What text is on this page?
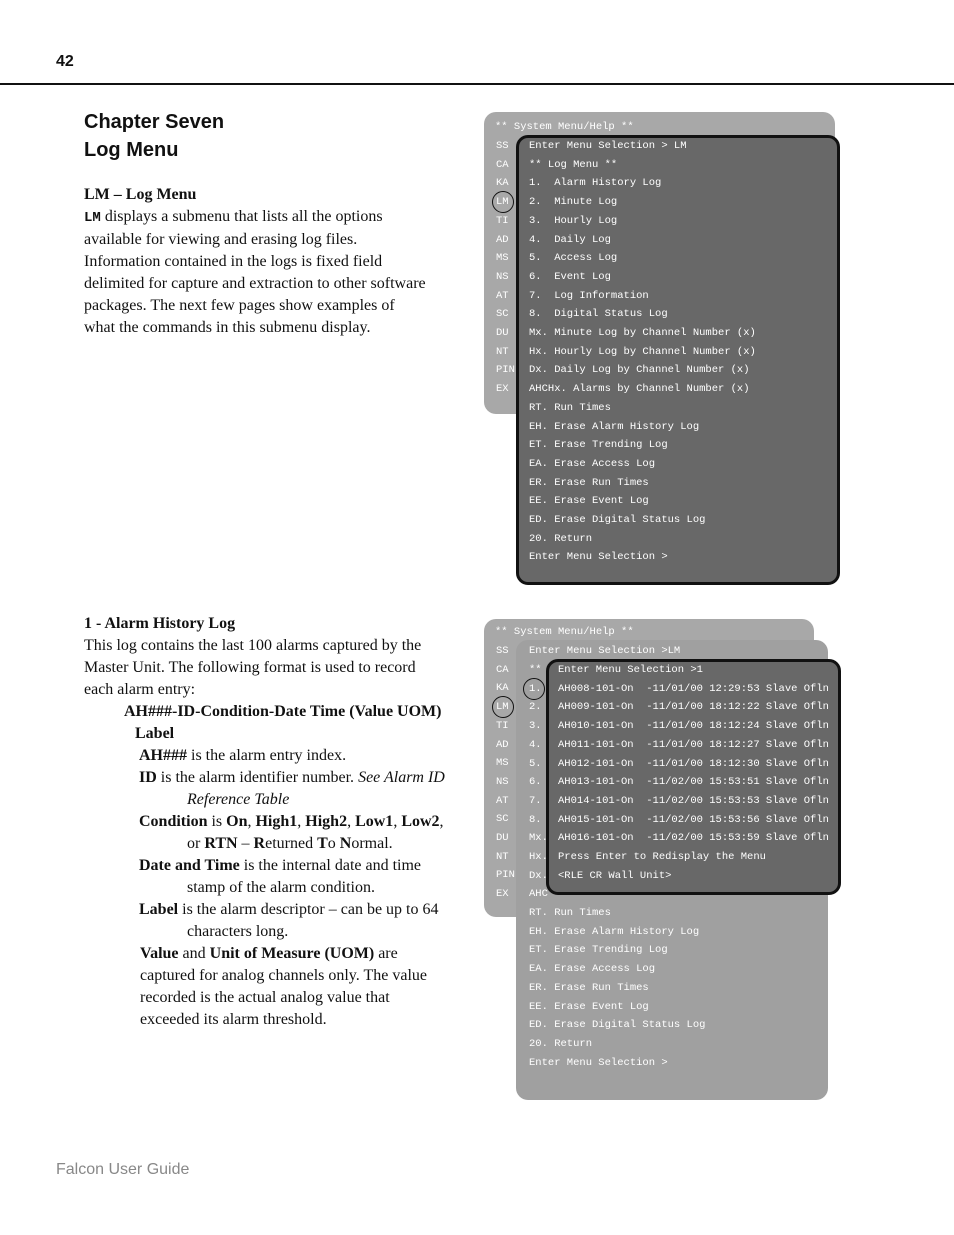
42
Chapter Seven
Log Menu
LM – Log Menu
LM displays a submenu that lists all the options available for viewing and erasing log files. Information contained in the logs is fixed field delimited for capture and extraction to other software packages. The next few pages show examples of what the commands in this submenu display.
1 - Alarm History Log
This log contains the last 100 alarms captured by the Master Unit. The following format is used to record each alarm entry:
AH###-ID-Condition-Date Time (Value UOM) Label
AH### is the alarm entry index.
ID is the alarm identifier number. See Alarm ID Reference Table
Condition is On, High1, High2, Low1, Low2, or RTN – Returned To Normal.
Date and Time is the internal date and time stamp of the alarm condition.
Label is the alarm descriptor – can be up to 64 characters long.
Value and Unit of Measure (UOM) are captured for analog channels only. The value recorded is the actual analog value that exceeded its alarm threshold.

** System Menu/Help **

SS
CA
KA
LM
TI
AD
MS
NS
AT
SC
DU
NT
PIN
EX
Enter Menu Selection > LM
** Log Menu **
1.  Alarm History Log
2.  Minute Log
3.  Hourly Log
4.  Daily Log
5.  Access Log
6.  Event Log
7.  Log Information
8.  Digital Status Log
Mx. Minute Log by Channel Number (x)
Hx. Hourly Log by Channel Number (x)
Dx. Daily Log by Channel Number (x)
AHCHx. Alarms by Channel Number (x)
RT. Run Times
EH. Erase Alarm History Log
ET. Erase Trending Log
EA. Erase Access Log
ER. Erase Run Times
EE. Erase Event Log
ED. Erase Digital Status Log
20. Return
Enter Menu Selection >

** System Menu/Help **

Enter Menu Selection >LM

SS
CA
KA
LM
TI
AD
MS
NS
AT
SC
DU
NT
PIN
EX
**
1.
2.
3.
4.
5.
6.
7.
8.
Mx.
Hx.
Dx.
AHC
Enter Menu Selection >1
AH008-101-On  -11/01/00 12:29:53 Slave Ofln
AH009-101-On  -11/01/00 18:12:22 Slave Ofln
AH010-101-On  -11/01/00 18:12:24 Slave Ofln
AH011-101-On  -11/01/00 18:12:27 Slave Ofln
AH012-101-On  -11/01/00 18:12:30 Slave Ofln
AH013-101-On  -11/02/00 15:53:51 Slave Ofln
AH014-101-On  -11/02/00 15:53:53 Slave Ofln
AH015-101-On  -11/02/00 15:53:56 Slave Ofln
AH016-101-On  -11/02/00 15:53:59 Slave Ofln
Press Enter to Redisplay the Menu
<RLE CR Wall Unit>
RT. Run Times
EH. Erase Alarm History Log
ET. Erase Trending Log
EA. Erase Access Log
ER. Erase Run Times
EE. Erase Event Log
ED. Erase Digital Status Log
20. Return
Enter Menu Selection >
Falcon User Guide
